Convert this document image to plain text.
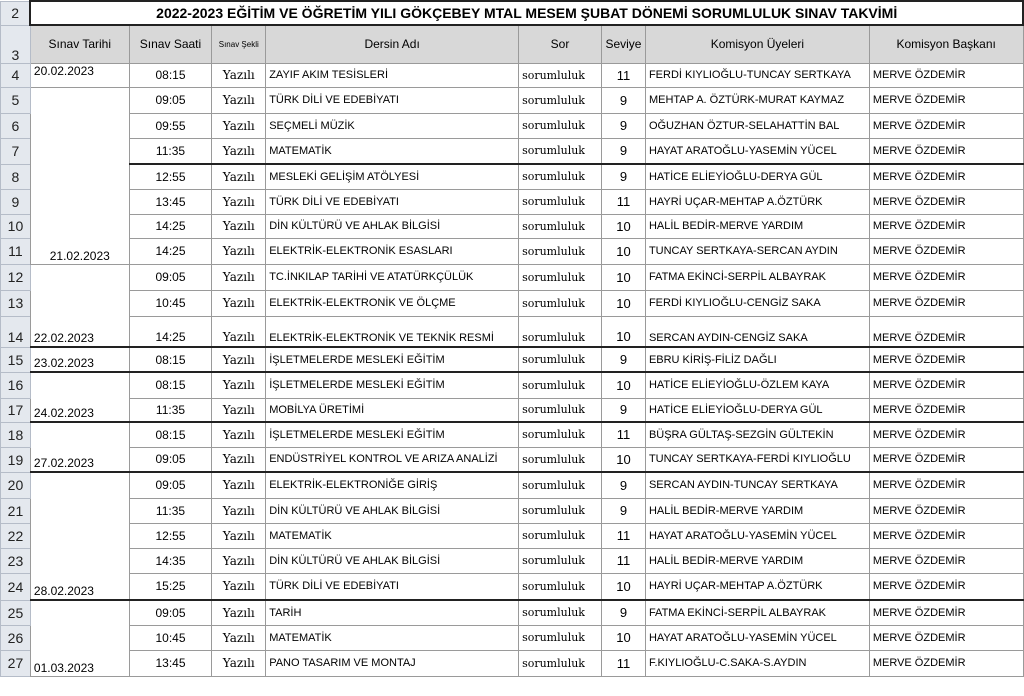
2	2022-2023 EĞİTİM VE ÖĞRETİM YILI GÖKÇEBEY MTAL MESEM ŞUBAT DÖNEMİ SORUMLULUK SINAV TAKVİMİ							
3	Sınav Tarihi	Sınav Saati	Sınav Şekli	Dersin Adı	Sor	Seviye	Komisyon Üyeleri	Komisyon Başkanı
4	20.02.2023	08:15	Yazılı	ZAYIF AKIM TESİSLERİ	sorumluluk	11	FERDİ KIYLIOĞLU-TUNCAY SERTKAYA	MERVE ÖZDEMİR
5	21.02.2023	09:05	Yazılı	TÜRK DİLİ VE EDEBİYATI	sorumluluk	9	MEHTAP A. ÖZTÜRK-MURAT KAYMAZ	MERVE ÖZDEMİR
6		09:55	Yazılı	SEÇMELİ MÜZİK	sorumluluk	9	OĞUZHAN ÖZTUR-SELAHATTİN BAL	MERVE ÖZDEMİR
7		11:35	Yazılı	MATEMATİK	sorumluluk	9	HAYAT ARATOĞLU-YASEMİN YÜCEL	MERVE ÖZDEMİR
8		12:55	Yazılı	MESLEKİ GELİŞİM ATÖLYESİ	sorumluluk	9	HATİCE ELİEYİOĞLU-DERYA GÜL	MERVE ÖZDEMİR
9		13:45	Yazılı	TÜRK DİLİ VE EDEBİYATI	sorumluluk	11	HAYRİ UÇAR-MEHTAP A.ÖZTÜRK	MERVE ÖZDEMİR
10		14:25	Yazılı	DİN KÜLTÜRÜ VE AHLAK BİLGİSİ	sorumluluk	10	HALİL BEDİR-MERVE YARDIM	MERVE ÖZDEMİR
11		14:25	Yazılı	ELEKTRİK-ELEKTRONİK ESASLARI	sorumluluk	10	TUNCAY SERTKAYA-SERCAN AYDIN	MERVE ÖZDEMİR
12	22.02.2023	09:05	Yazılı	TC.İNKILAP TARİHİ VE ATATÜRKÇÜLÜK	sorumluluk	10	FATMA EKİNCİ-SERPİL ALBAYRAK	MERVE ÖZDEMİR
13		10:45	Yazılı	ELEKTRİK-ELEKTRONİK VE ÖLÇME	sorumluluk	10	FERDİ KIYLIOĞLU-CENGİZ SAKA	MERVE ÖZDEMİR
14		14:25	Yazılı	ELEKTRİK-ELEKTRONİK VE TEKNİK RESMİ	sorumluluk	10	SERCAN AYDIN-CENGİZ SAKA	MERVE ÖZDEMİR
15	23.02.2023	08:15	Yazılı	İŞLETMELERDE MESLEKİ EĞİTİM	sorumluluk	9	EBRU KİRİŞ-FİLİZ DAĞLI	MERVE ÖZDEMİR
16	24.02.2023	08:15	Yazılı	İŞLETMELERDE MESLEKİ EĞİTİM	sorumluluk	10	HATİCE ELİEYİOĞLU-ÖZLEM KAYA	MERVE ÖZDEMİR
17		11:35	Yazılı	MOBİLYA ÜRETİMİ	sorumluluk	9	HATİCE ELİEYİOĞLU-DERYA GÜL	MERVE ÖZDEMİR
18	27.02.2023	08:15	Yazılı	İŞLETMELERDE MESLEKİ EĞİTİM	sorumluluk	11	BÜŞRA GÜLTAŞ-SEZGİN GÜLTEKİN	MERVE ÖZDEMİR
19		09:05	Yazılı	ENDÜSTRİYEL KONTROL VE ARIZA ANALİZİ	sorumluluk	10	TUNCAY SERTKAYA-FERDİ KIYLIOĞLU	MERVE ÖZDEMİR
20	28.02.2023	09:05	Yazılı	ELEKTRİK-ELEKTRONİĞE GİRİŞ	sorumluluk	9	SERCAN AYDIN-TUNCAY SERTKAYA	MERVE ÖZDEMİR
21		11:35	Yazılı	DİN KÜLTÜRÜ VE AHLAK BİLGİSİ	sorumluluk	9	HALİL BEDİR-MERVE YARDIM	MERVE ÖZDEMİR
22		12:55	Yazılı	MATEMATİK	sorumluluk	11	HAYAT ARATOĞLU-YASEMİN YÜCEL	MERVE ÖZDEMİR
23		14:35	Yazılı	DİN KÜLTÜRÜ VE AHLAK BİLGİSİ	sorumluluk	11	HALİL BEDİR-MERVE YARDIM	MERVE ÖZDEMİR
24		15:25	Yazılı	TÜRK DİLİ VE EDEBİYATI	sorumluluk	10	HAYRİ UÇAR-MEHTAP A.ÖZTÜRK	MERVE ÖZDEMİR
25	01.03.2023	09:05	Yazılı	TARİH	sorumluluk	9	FATMA EKİNCİ-SERPİL ALBAYRAK	MERVE ÖZDEMİR
26		10:45	Yazılı	MATEMATİK	sorumluluk	10	HAYAT ARATOĞLU-YASEMİN YÜCEL	MERVE ÖZDEMİR
27		13:45	Yazılı	PANO TASARIM VE MONTAJ	sorumluluk	11	F.KIYLIOĞLU-C.SAKA-S.AYDIN	MERVE ÖZDEMİR
